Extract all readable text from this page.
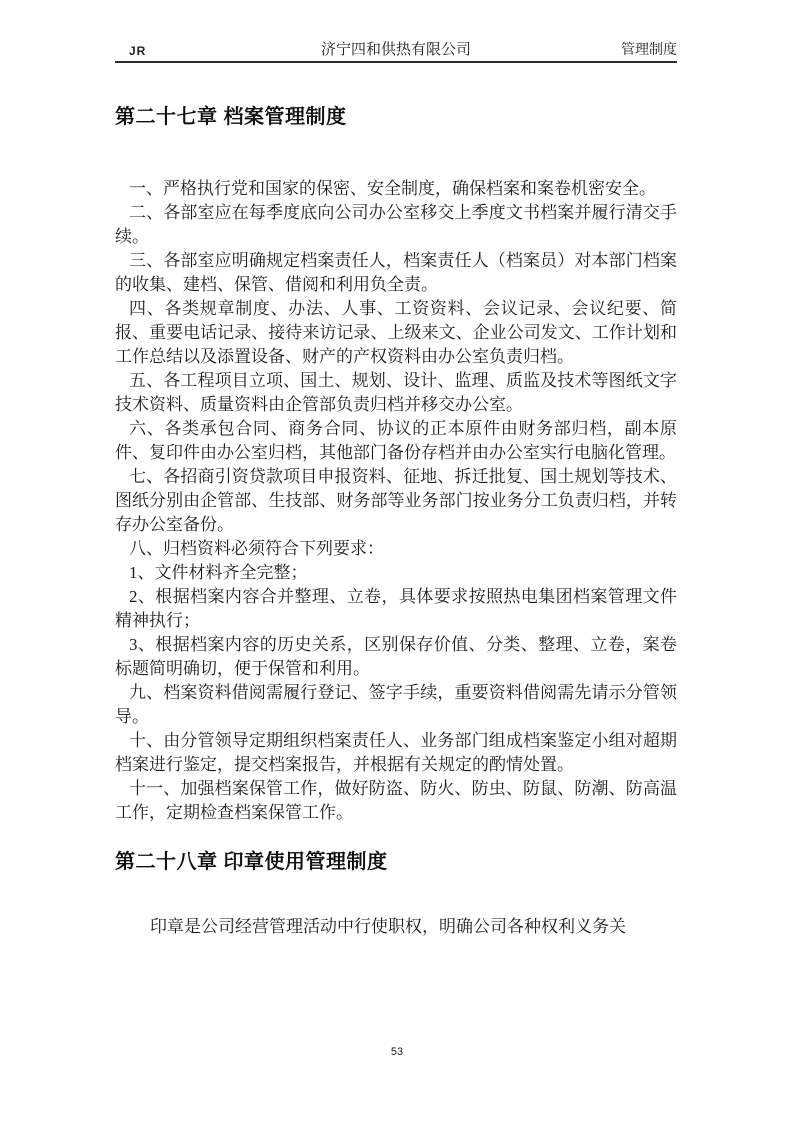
JR	济宁四和供热有限公司	管理制度
第二十七章 档案管理制度

一、严格执行党和国家的保密、安全制度，确保档案和案卷机密安全。

二、各部室应在每季度底向公司办公室移交上季度文书档案并履行清交手续。

三、各部室应明确规定档案责任人，档案责任人（档案员）对本部门档案的收集、建档、保管、借阅和利用负全责。

四、各类规章制度、办法、人事、工资资料、会议记录、会议纪要、简报、重要电话记录、接待来访记录、上级来文、企业公司发文、工作计划和工作总结以及添置设备、财产的产权资料由办公室负责归档。

五、各工程项目立项、国土、规划、设计、监理、质监及技术等图纸文字技术资料、质量资料由企管部负责归档并移交办公室。

六、各类承包合同、商务合同、协议的正本原件由财务部归档，副本原件、复印件由办公室归档，其他部门备份存档并由办公室实行电脑化管理。

七、各招商引资贷款项目申报资料、征地、拆迁批复、国土规划等技术、图纸分别由企管部、生技部、财务部等业务部门按业务分工负责归档，并转存办公室备份。

八、归档资料必须符合下列要求：

1、文件材料齐全完整；

2、根据档案内容合并整理、立卷，具体要求按照热电集团档案管理文件精神执行；

3、根据档案内容的历史关系，区别保存价值、分类、整理、立卷，案卷标题简明确切，便于保管和利用。

九、档案资料借阅需履行登记、签字手续，重要资料借阅需先请示分管领导。

十、由分管领导定期组织档案责任人、业务部门组成档案鉴定小组对超期档案进行鉴定，提交档案报告，并根据有关规定的酌情处置。

十一、加强档案保管工作，做好防盗、防火、防虫、防鼠、防潮、防高温工作，定期检查档案保管工作。

第二十八章 印章使用管理制度

印章是公司经营管理活动中行使职权，明确公司各种权利义务关

53
